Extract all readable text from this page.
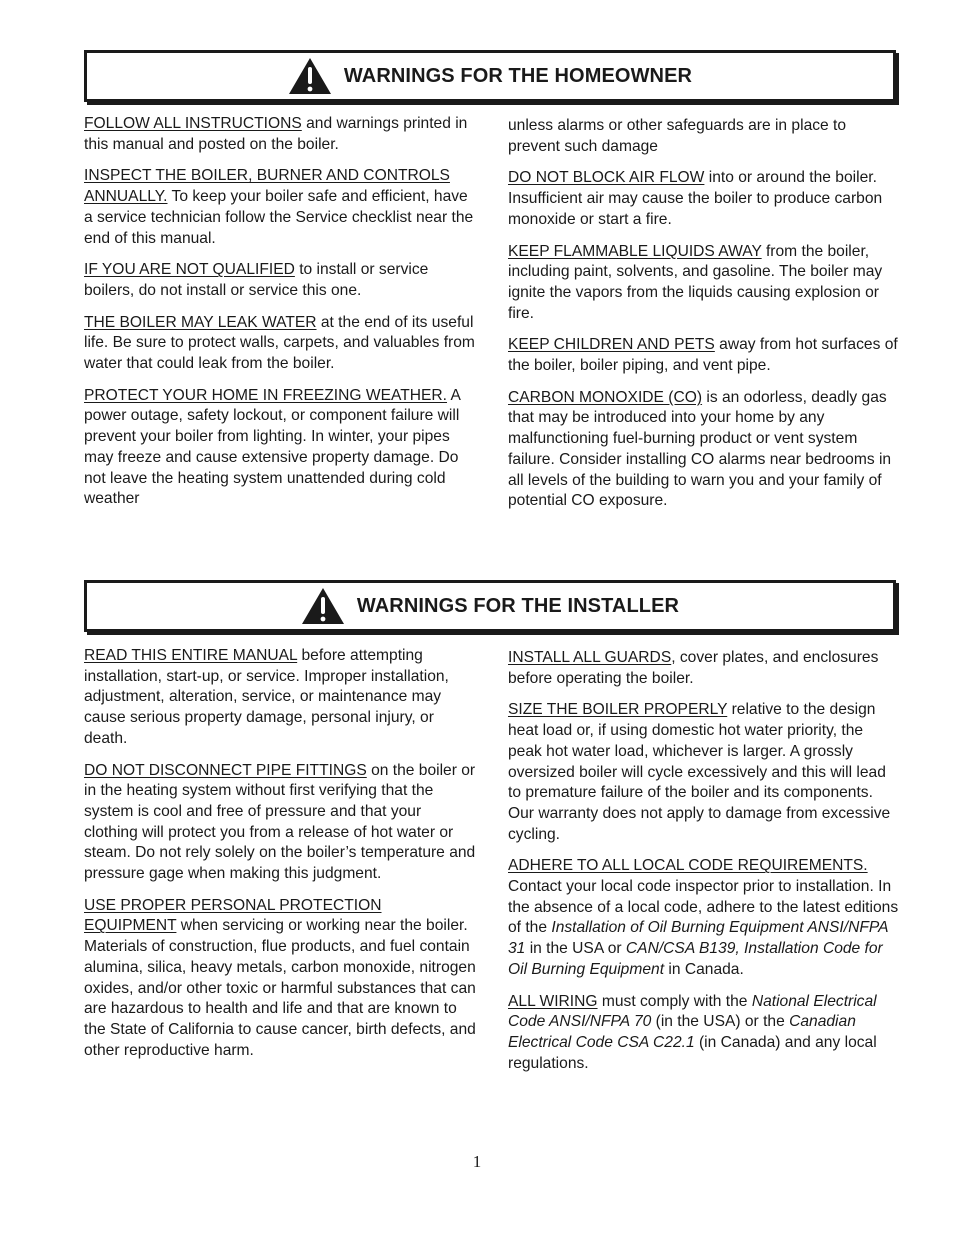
WARNINGS FOR THE HOMEOWNER

FOLLOW ALL INSTRUCTIONS and warnings printed in this manual and posted on the boiler.

INSPECT THE BOILER, BURNER AND CONTROLS ANNUALLY. To keep your boiler safe and efficient, have a service technician follow the Service checklist near the end of this manual.

IF YOU ARE NOT QUALIFIED to install or service boilers, do not install or service this one.

THE BOILER MAY LEAK WATER at the end of its useful life. Be sure to protect walls, carpets, and valuables from water that could leak from the boiler.

PROTECT YOUR HOME IN FREEZING WEATHER. A power outage, safety lockout, or component failure will prevent your boiler from lighting. In winter, your pipes may freeze and cause extensive property damage. Do not leave the heating system unattended during cold weather

unless alarms or other safeguards are in place to prevent such damage

DO NOT BLOCK AIR FLOW into or around the boiler. Insufficient air may cause the boiler to produce carbon monoxide or start a fire.

KEEP FLAMMABLE LIQUIDS AWAY from the boiler, including paint, solvents, and gasoline. The boiler may ignite the vapors from the liquids causing explosion or fire.

KEEP CHILDREN AND PETS away from hot surfaces of the boiler, boiler piping, and vent pipe.

CARBON MONOXIDE (CO) is an odorless, deadly gas that may be introduced into your home by any malfunctioning fuel-burning product or vent system failure. Consider installing CO alarms near bedrooms in all levels of the building to warn you and your family of potential CO exposure.

WARNINGS FOR THE INSTALLER

READ THIS ENTIRE MANUAL before attempting installation, start-up, or service. Improper installation, adjustment, alteration, service, or maintenance may cause serious property damage, personal injury, or death.

DO NOT DISCONNECT PIPE FITTINGS on the boiler or in the heating system without first verifying that the system is cool and free of pressure and that your clothing will protect you from a release of hot water or steam. Do not rely solely on the boiler’s temperature and pressure gage when making this judgment.

USE PROPER PERSONAL PROTECTION EQUIPMENT when servicing or working near the boiler. Materials of construction, flue products, and fuel contain alumina, silica, heavy metals, carbon monoxide, nitrogen oxides, and/or other toxic or harmful substances that can are hazardous to health and life and that are known to the State of California to cause cancer, birth defects, and other reproductive harm.

INSTALL ALL GUARDS, cover plates, and enclosures before operating the boiler.

SIZE THE BOILER PROPERLY relative to the design heat load or, if using domestic hot water priority, the peak hot water load, whichever is larger. A grossly oversized boiler will cycle excessively and this will lead to premature failure of the boiler and its components. Our warranty does not apply to damage from excessive cycling.

ADHERE TO ALL LOCAL CODE REQUIREMENTS. Contact your local code inspector prior to installation. In the absence of a local code, adhere to the latest editions of the Installation of Oil Burning Equipment ANSI/NFPA 31 in the USA or CAN/CSA B139, Installation Code for Oil Burning Equipment in Canada.

ALL WIRING must comply with the National Electrical Code ANSI/NFPA 70 (in the USA) or the Canadian Electrical Code CSA C22.1 (in Canada) and any local regulations.

1
